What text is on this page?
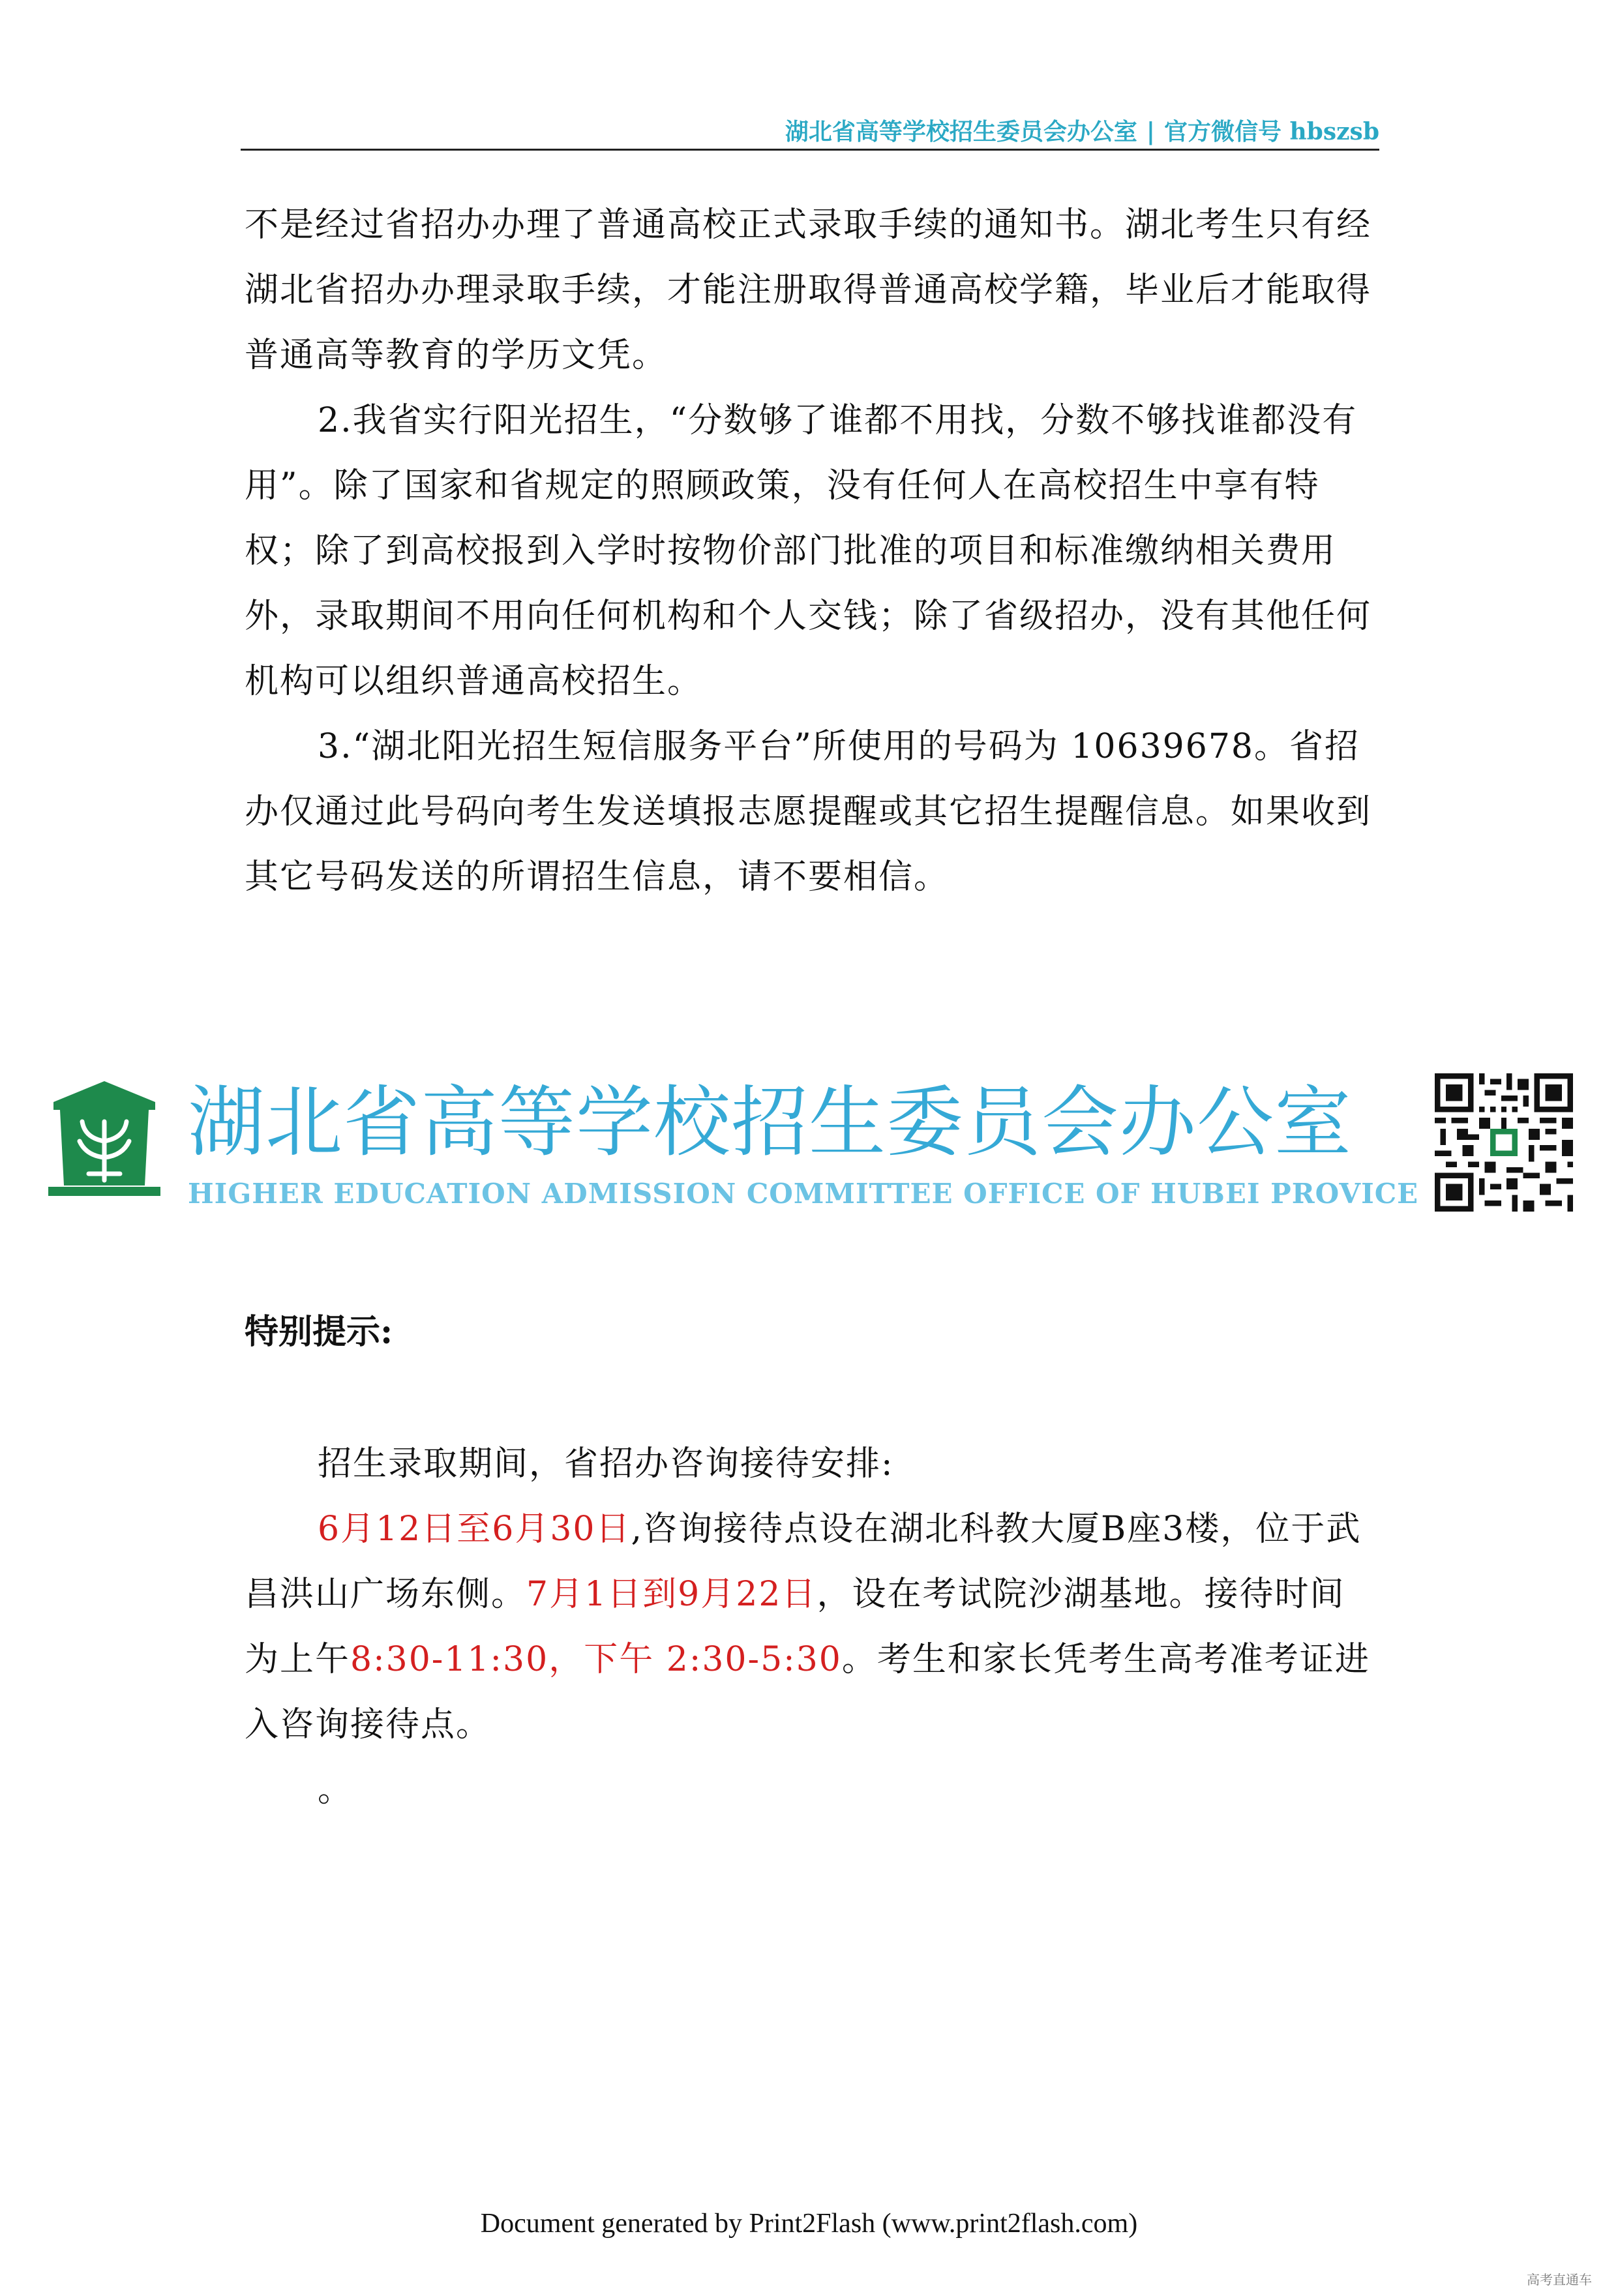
湖北省高等学校招生委员会办公室 | 官方微信号 hbszsb

不是经过省招办办理了普通高校正式录取手续的通知书。湖北考生只有经湖北省招办办理录取手续，才能注册取得普通高校学籍，毕业后才能取得普通高等教育的学历文凭。

2.我省实行阳光招生，“分数够了谁都不用找，分数不够找谁都没有用”。除了国家和省规定的照顾政策，没有任何人在高校招生中享有特权；除了到高校报到入学时按物价部门批准的项目和标准缴纳相关费用外，录取期间不用向任何机构和个人交钱；除了省级招办，没有其他任何机构可以组织普通高校招生。

3.“湖北阳光招生短信服务平台”所使用的号码为 10639678。省招办仅通过此号码向考生发送填报志愿提醒或其它招生提醒信息。如果收到其它号码发送的所谓招生信息，请不要相信。

湖北省高等学校招生委员会办公室
HIGHER EDUCATION ADMISSION COMMITTEE OFFICE OF HUBEI PROVICE
特别提示:

招生录取期间，省招办咨询接待安排:

6月12日至6月30日,咨询接待点设在湖北科教大厦B座3楼，位于武昌洪山广场东侧。7月1日到9月22日，设在考试院沙湖基地。接待时间为上午8:30-11:30，下午 2:30-5:30。考生和家长凭考生高考准考证进入咨询接待点。

。

Document generated by Print2Flash (www.print2flash.com)
高考直通车
